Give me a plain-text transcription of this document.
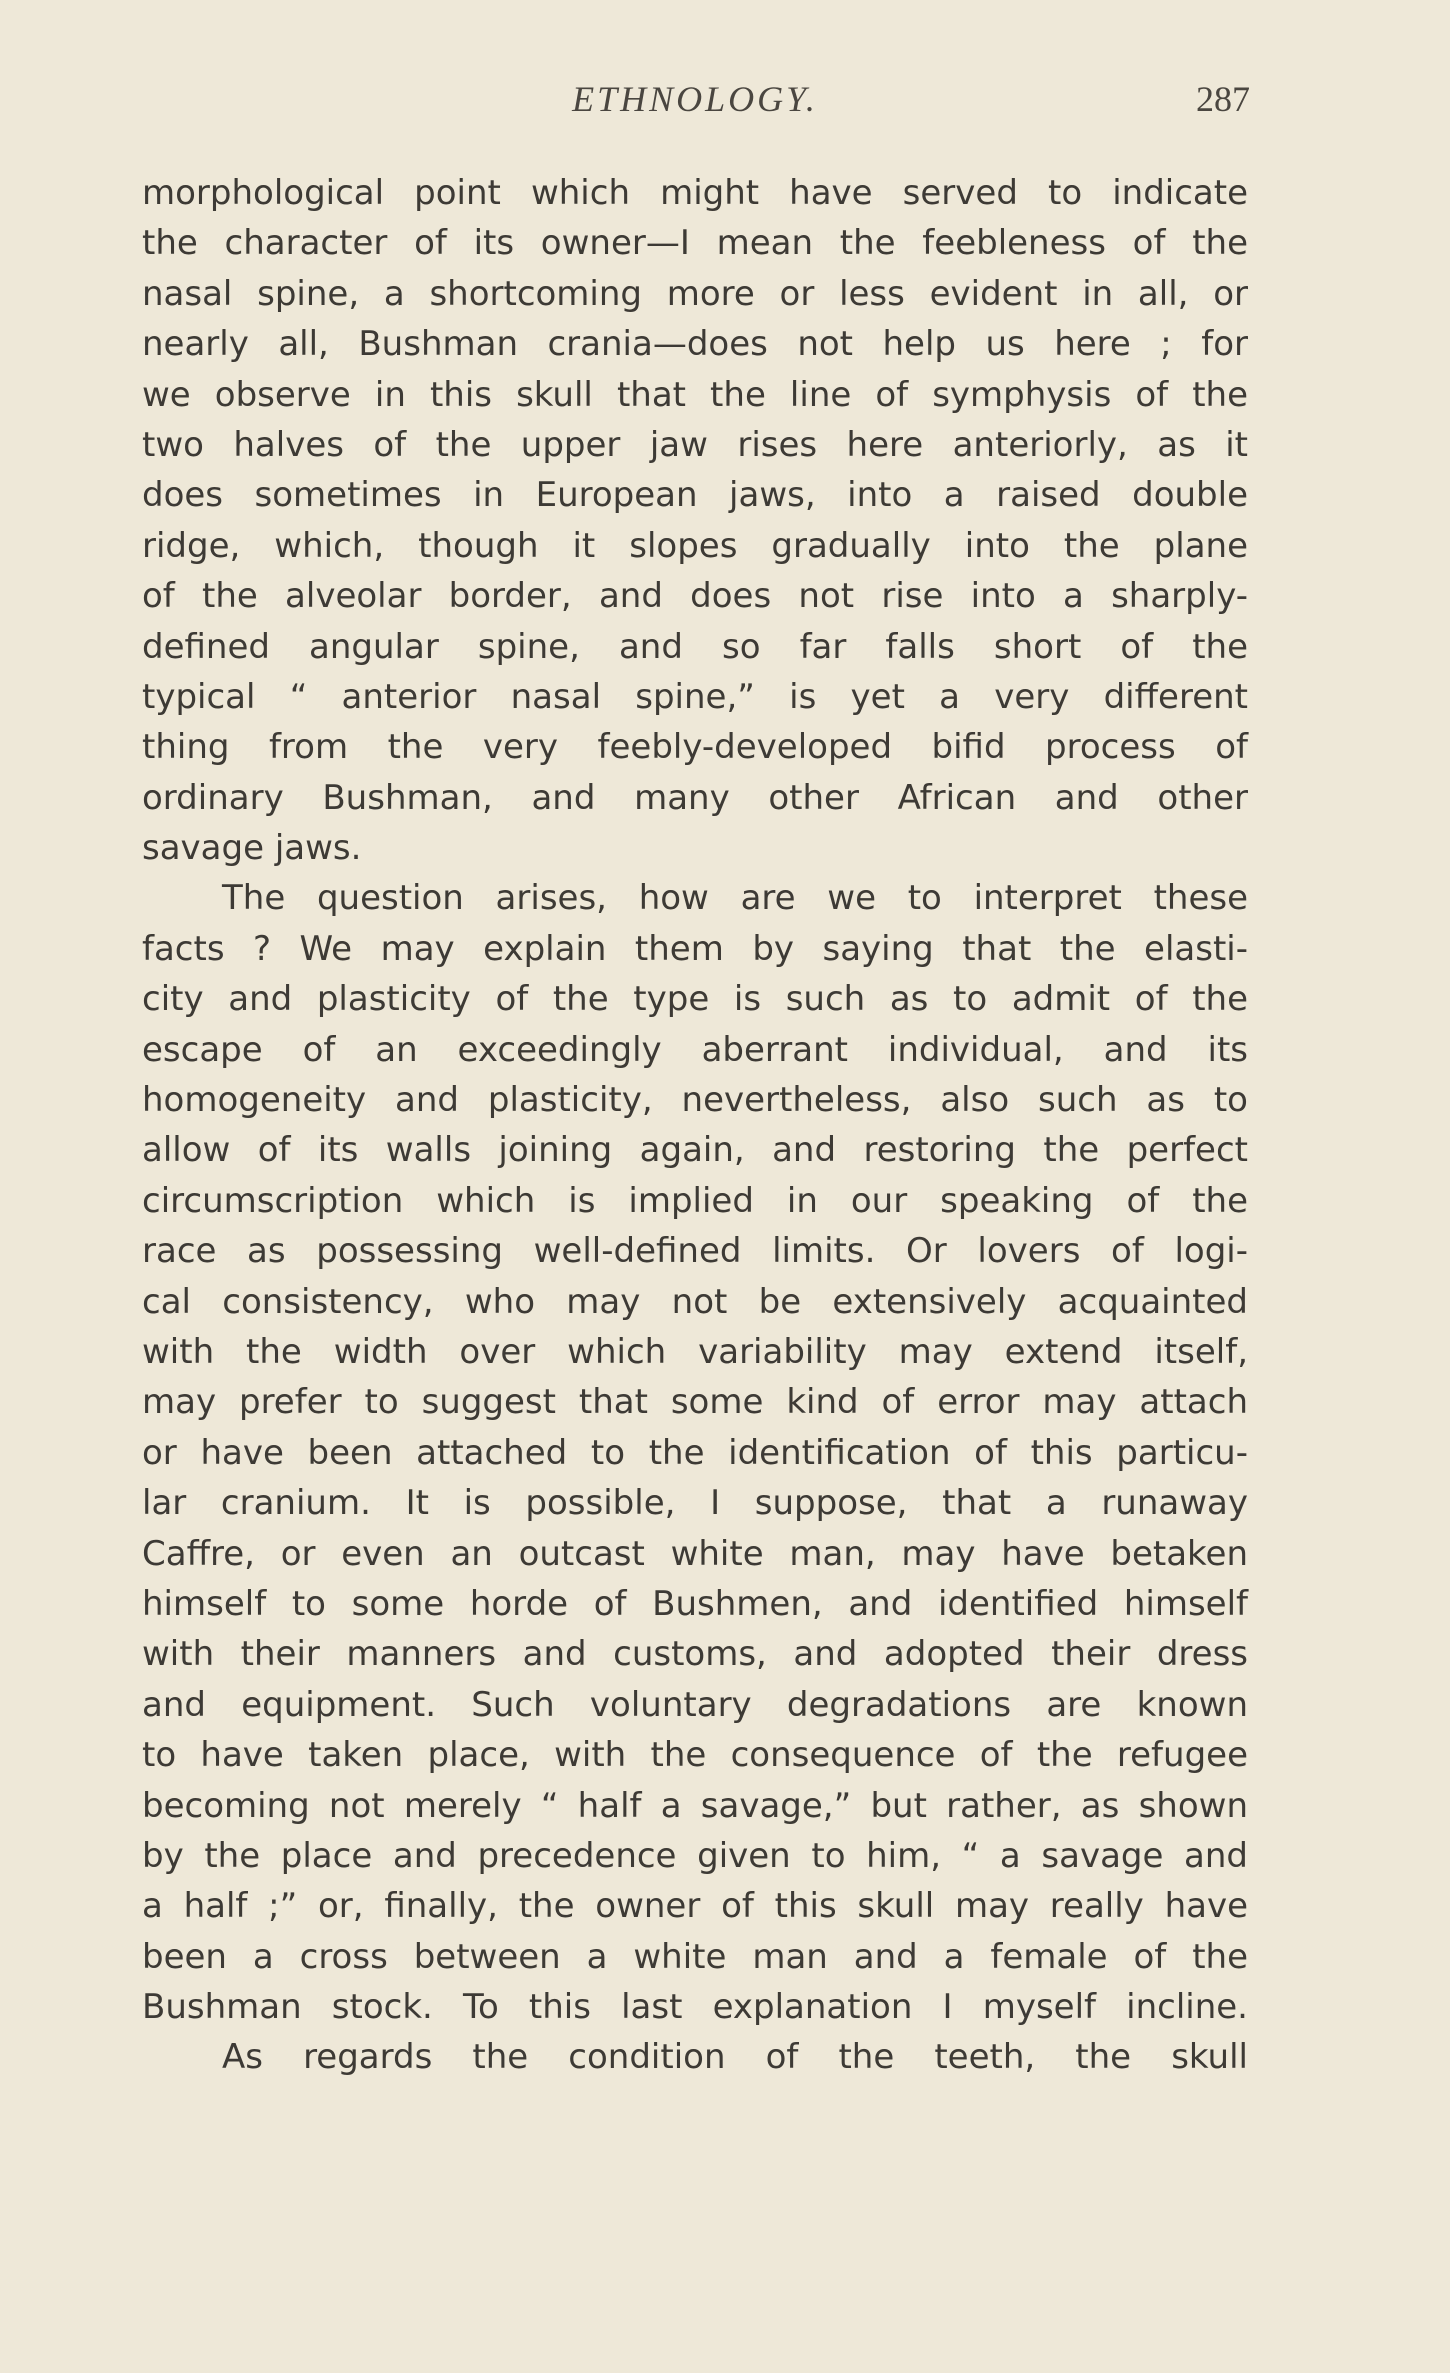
ETHNOLOGY.	287
morphological point which might have served to indicate
the character of its owner—I mean the feebleness of the
nasal spine, a shortcoming more or less evident in all, or
nearly all, Bushman crania—does not help us here ; for
we observe in this skull that the line of symphysis of the
two halves of the upper jaw rises here anteriorly, as it
does sometimes in European jaws, into a raised double
ridge, which, though it slopes gradually into the plane
of the alveolar border, and does not rise into a sharply-
defined angular spine, and so far falls short of the
typical “ anterior nasal spine,” is yet a very different
thing from the very feebly-developed bifid process of
ordinary Bushman, and many other African and other
savage jaws.
The question arises, how are we to interpret these
facts ? We may explain them by saying that the elasti-
city and plasticity of the type is such as to admit of the
escape of an exceedingly aberrant individual, and its
homogeneity and plasticity, nevertheless, also such as to
allow of its walls joining again, and restoring the perfect
circumscription which is implied in our speaking of the
race as possessing well-defined limits. Or lovers of logi-
cal consistency, who may not be extensively acquainted
with the width over which variability may extend itself,
may prefer to suggest that some kind of error may attach
or have been attached to the identification of this particu-
lar cranium. It is possible, I suppose, that a runaway
Caffre, or even an outcast white man, may have betaken
himself to some horde of Bushmen, and identified himself
with their manners and customs, and adopted their dress
and equipment. Such voluntary degradations are known
to have taken place, with the consequence of the refugee
becoming not merely “ half a savage,” but rather, as shown
by the place and precedence given to him, “ a savage and
a half ;” or, finally, the owner of this skull may really have
been a cross between a white man and a female of the
Bushman stock. To this last explanation I myself incline.
As regards the condition of the teeth, the skull
